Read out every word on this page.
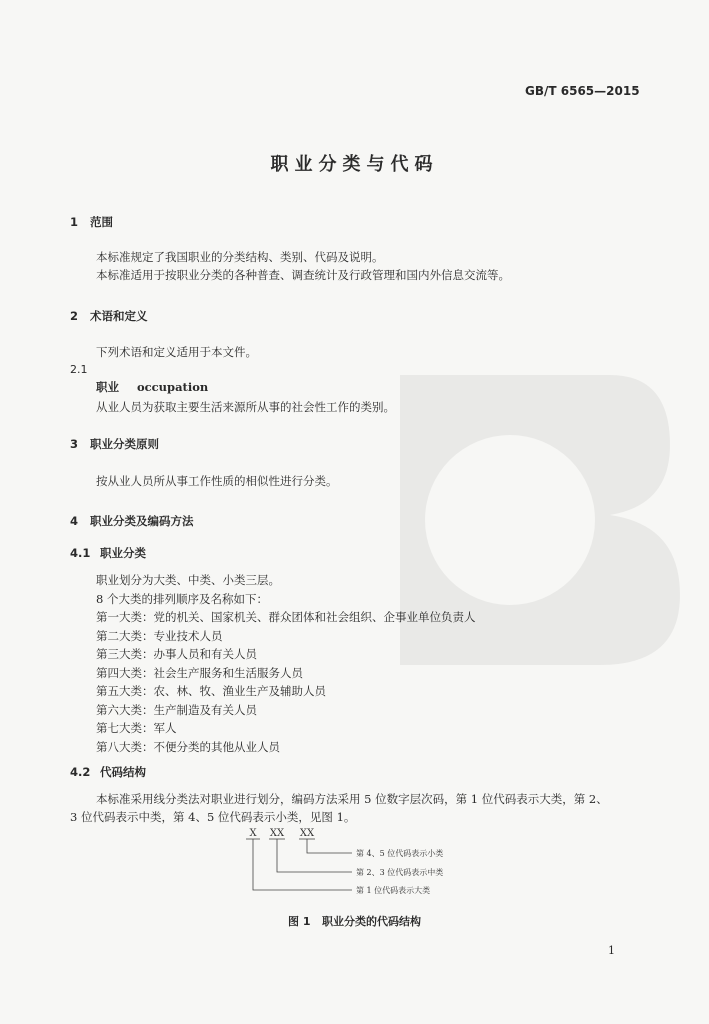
GB/T 6565—2015
职业分类与代码
1 范围
本标准规定了我国职业的分类结构、类别、代码及说明。
本标准适用于按职业分类的各种普查、调查统计及行政管理和国内外信息交流等。
2 术语和定义
下列术语和定义适用于本文件。
2.1
职业 occupation
从业人员为获取主要生活来源所从事的社会性工作的类别。
3 职业分类原则
按从业人员所从事工作性质的相似性进行分类。
4 职业分类及编码方法
4.1 职业分类
职业划分为大类、中类、小类三层。
8 个大类的排列顺序及名称如下：
第一大类：党的机关、国家机关、群众团体和社会组织、企事业单位负责人
第二大类：专业技术人员
第三大类：办事人员和有关人员
第四大类：社会生产服务和生活服务人员
第五大类：农、林、牧、渔业生产及辅助人员
第六大类：生产制造及有关人员
第七大类：军人
第八大类：不便分类的其他从业人员
4.2 代码结构
本标准采用线分类法对职业进行划分，编码方法采用 5 位数字层次码，第 1 位代码表示大类，第 2、
3 位代码表示中类，第 4、5 位代码表示小类，见图 1。
X XX XX
第 4、5 位代码表示小类
第 2、3 位代码表示中类
第 1 位代码表示大类
图 1 职业分类的代码结构
1
